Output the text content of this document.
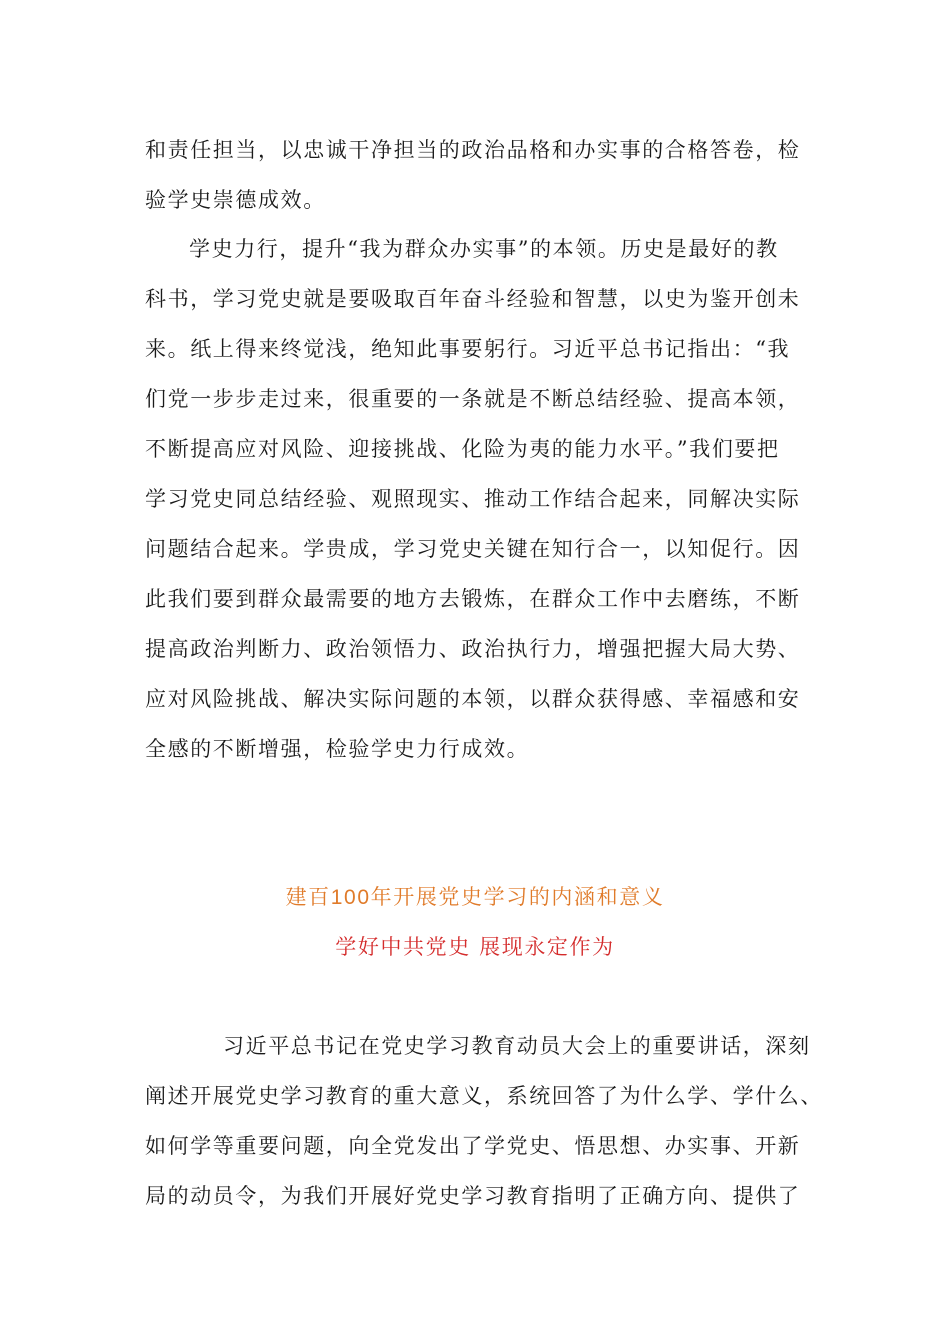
和责任担当，以忠诚干净担当的政治品格和办实事的合格答卷，检
验学史崇德成效。
学史力行，提升“我为群众办实事”的本领。历史是最好的教
科书，学习党史就是要吸取百年奋斗经验和智慧，以史为鉴开创未
来。纸上得来终觉浅，绝知此事要躬行。习近平总书记指出：“我
们党一步步走过来，很重要的一条就是不断总结经验、提高本领，
不断提高应对风险、迎接挑战、化险为夷的能力水平。”我们要把
学习党史同总结经验、观照现实、推动工作结合起来，同解决实际
问题结合起来。学贵成，学习党史关键在知行合一，以知促行。因
此我们要到群众最需要的地方去锻炼，在群众工作中去磨练，不断
提高政治判断力、政治领悟力、政治执行力，增强把握大局大势、
应对风险挑战、解决实际问题的本领，以群众获得感、幸福感和安
全感的不断增强，检验学史力行成效。
建百100年开展党史学习的内涵和意义
学好中共党史 展现永定作为
习近平总书记在党史学习教育动员大会上的重要讲话，深刻
阐述开展党史学习教育的重大意义，系统回答了为什么学、学什么、
如何学等重要问题，向全党发出了学党史、悟思想、办实事、开新
局的动员令，为我们开展好党史学习教育指明了正确方向、提供了
